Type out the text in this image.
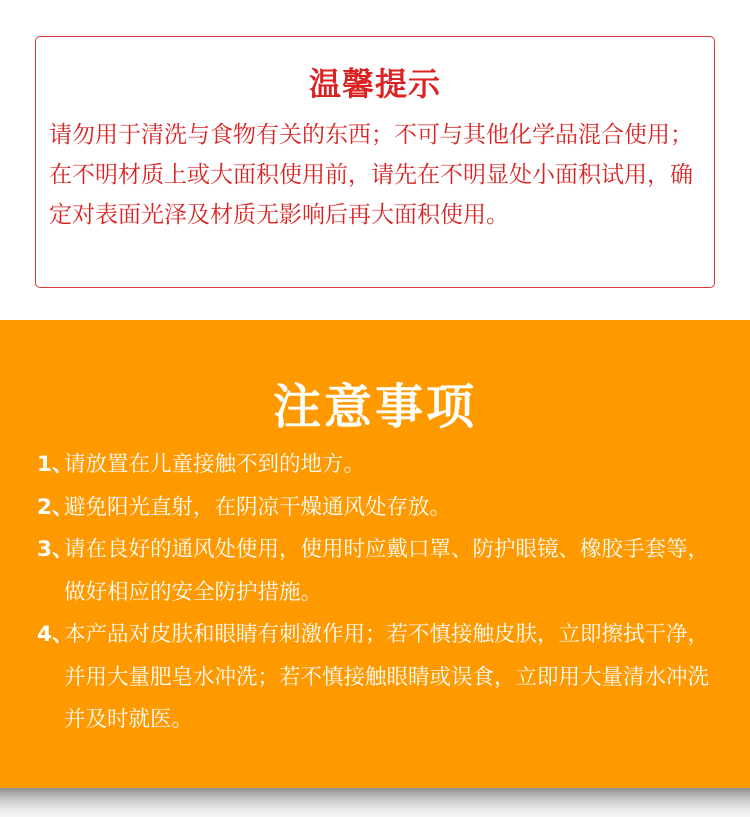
温馨提示
请勿用于清洗与食物有关的东西；不可与其他化学品混合使用；在不明材质上或大面积使用前，请先在不明显处小面积试用，确定对表面光泽及材质无影响后再大面积使用。
注意事项
1、
请放置在儿童接触不到的地方。
2、
避免阳光直射，在阴凉干燥通风处存放。
3、
请在良好的通风处使用，使用时应戴口罩、防护眼镜、橡胶手套等，做好相应的安全防护措施。
4、
本产品对皮肤和眼睛有刺激作用；若不慎接触皮肤，立即擦拭干净，并用大量肥皂水冲洗；若不慎接触眼睛或误食，立即用大量清水冲洗并及时就医。
